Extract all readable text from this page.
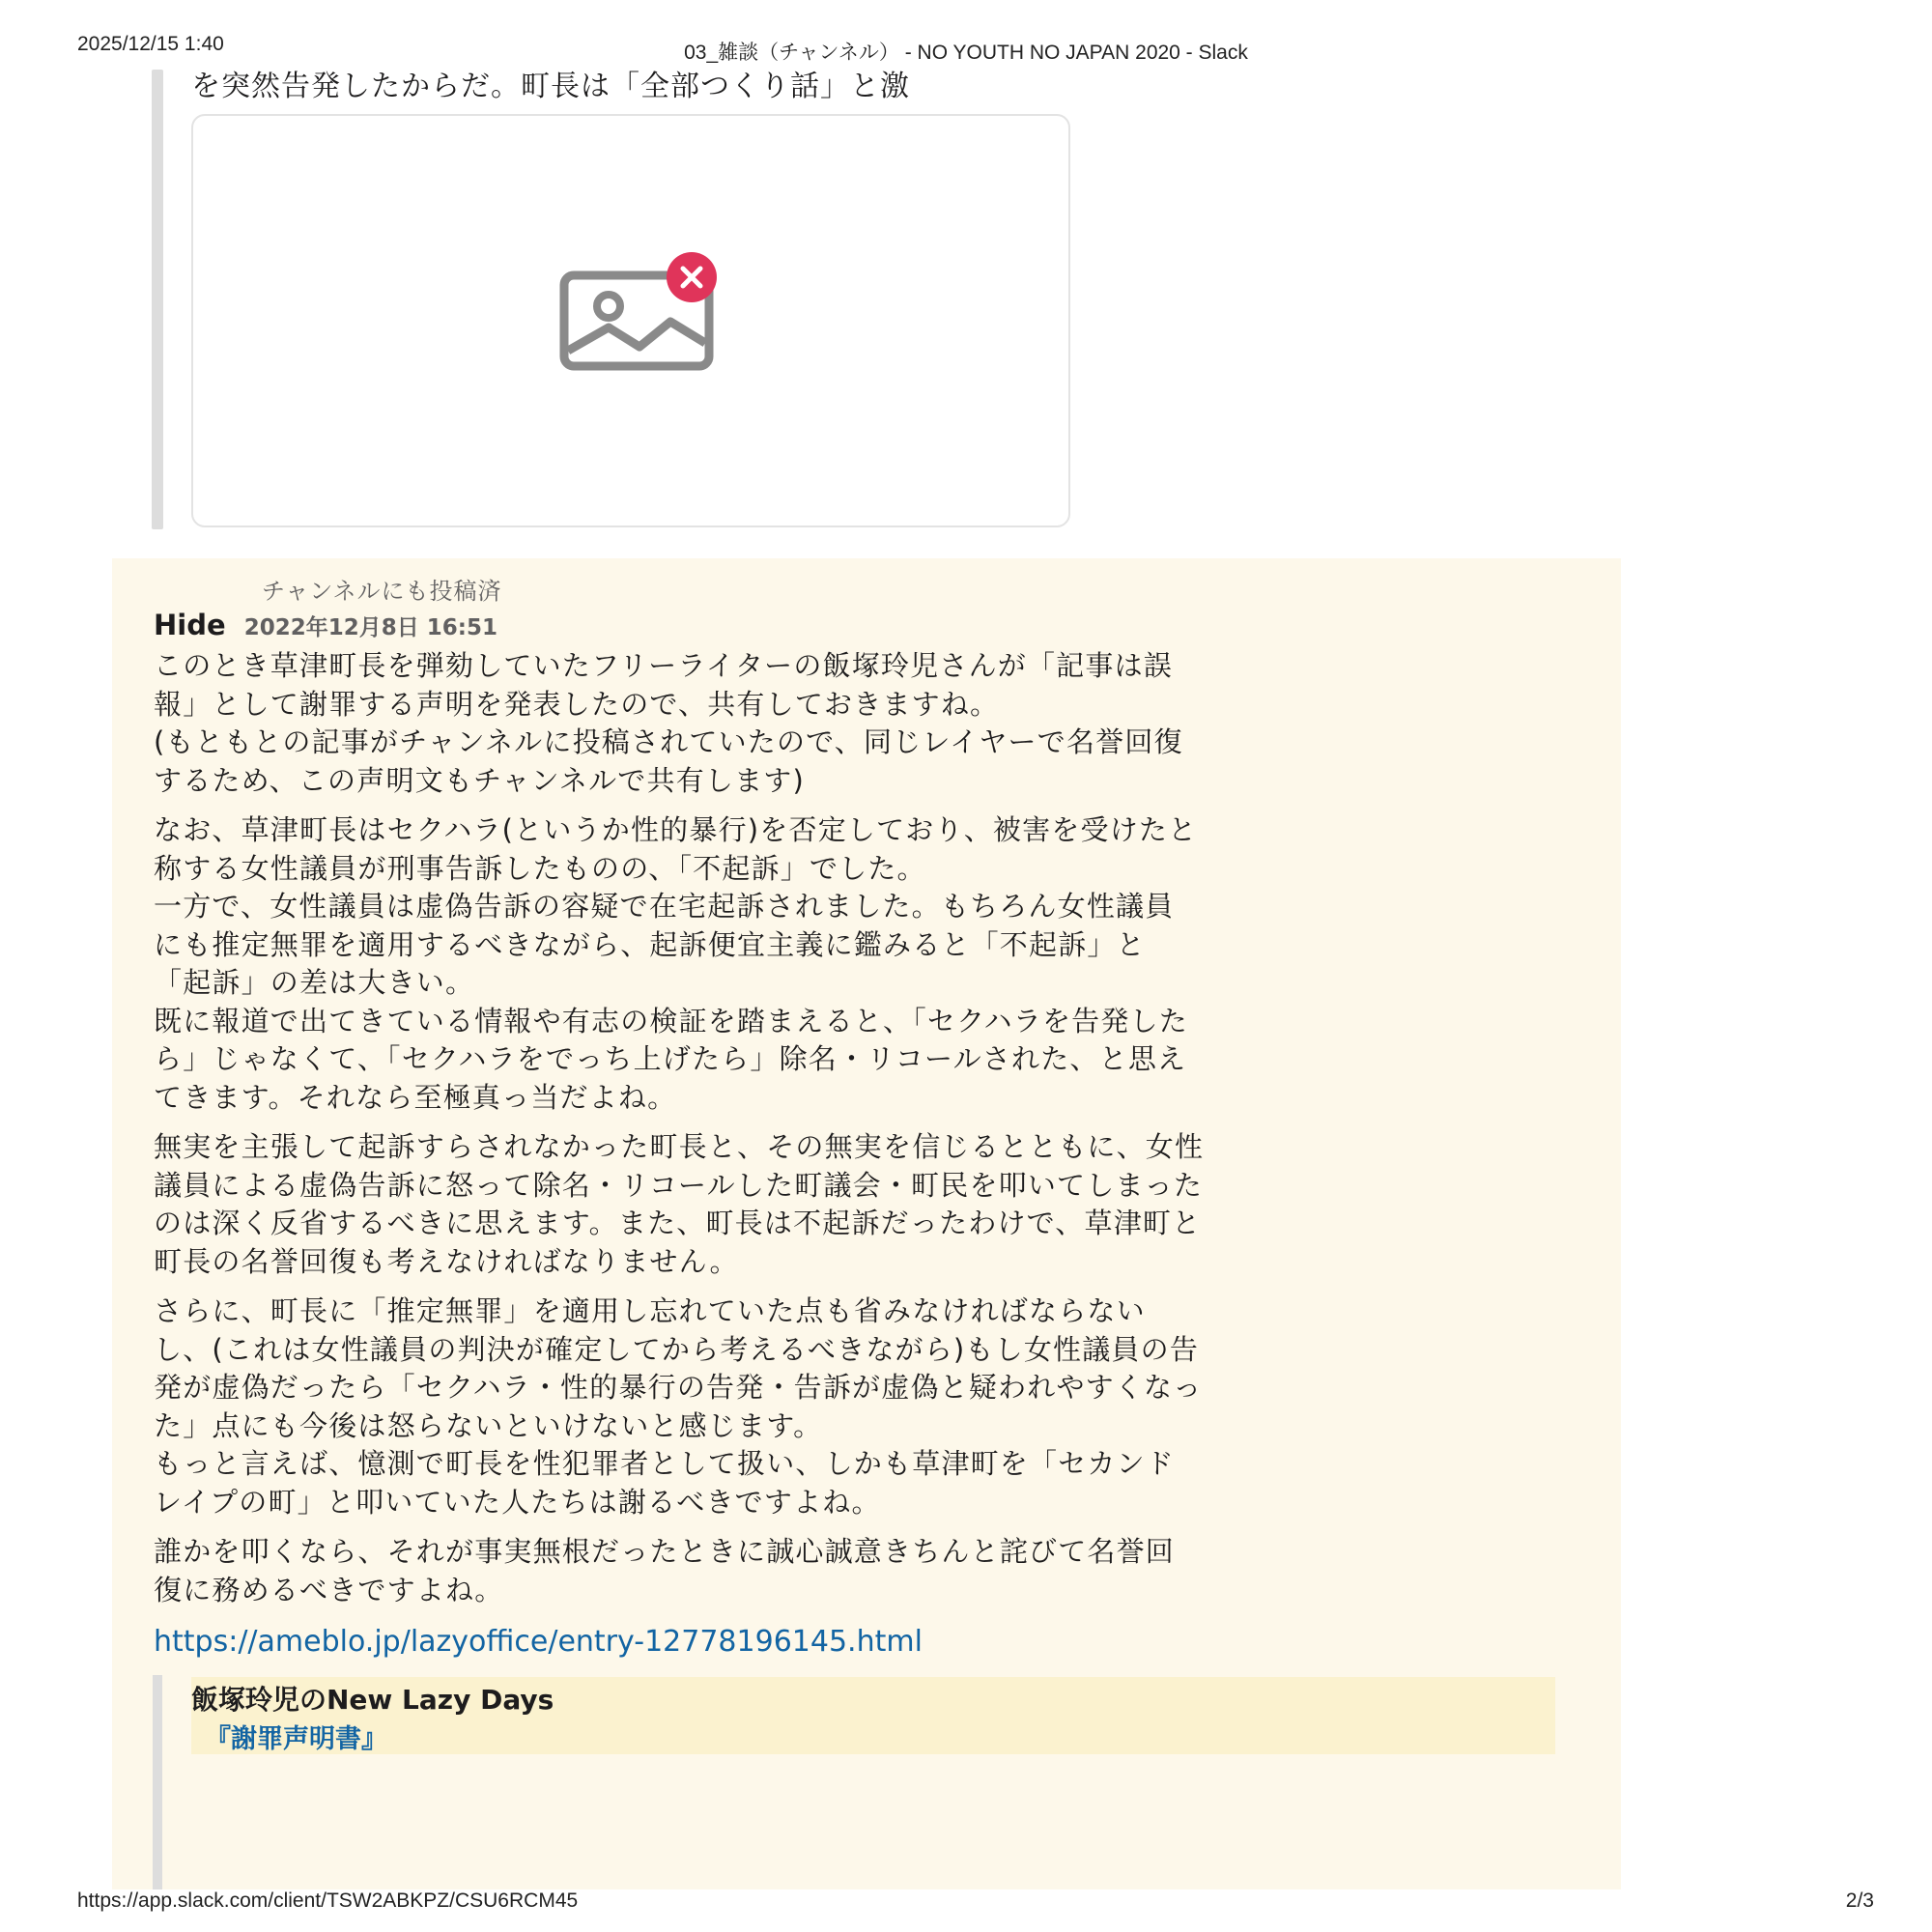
2025/12/15 1:40	03_雑談（チャンネル） - NO YOUTH NO JAPAN 2020 - Slack
を突然告発したからだ。町長は「全部つくり話」と激
チャンネルにも投稿済
Hide 2022年12月8日 16:51
このとき草津町長を弾劾していたフリーライターの飯塚玲児さんが「記事は誤
報」として謝罪する声明を発表したので、共有しておきますね。
(もともとの記事がチャンネルに投稿されていたので、同じレイヤーで名誉回復
するため、この声明文もチャンネルで共有します)
なお、草津町長はセクハラ(というか性的暴行)を否定しており、被害を受けたと
称する女性議員が刑事告訴したものの、「不起訴」でした。
一方で、女性議員は虚偽告訴の容疑で在宅起訴されました。もちろん女性議員
にも推定無罪を適用するべきながら、起訴便宜主義に鑑みると「不起訴」と
「起訴」の差は大きい。
既に報道で出てきている情報や有志の検証を踏まえると、「セクハラを告発した
ら」じゃなくて、「セクハラをでっち上げたら」除名・リコールされた、と思え
てきます。それなら至極真っ当だよね。
無実を主張して起訴すらされなかった町長と、その無実を信じるとともに、女性
議員による虚偽告訴に怒って除名・リコールした町議会・町民を叩いてしまった
のは深く反省するべきに思えます。また、町長は不起訴だったわけで、草津町と
町長の名誉回復も考えなければなりません。
さらに、町長に「推定無罪」を適用し忘れていた点も省みなければならない
し、(これは女性議員の判決が確定してから考えるべきながら)もし女性議員の告
発が虚偽だったら「セクハラ・性的暴行の告発・告訴が虚偽と疑われやすくなっ
た」点にも今後は怒らないといけないと感じます。
もっと言えば、憶測で町長を性犯罪者として扱い、しかも草津町を「セカンド
レイプの町」と叩いていた人たちは謝るべきですよね。
誰かを叩くなら、それが事実無根だったときに誠心誠意きちんと詫びて名誉回
復に務めるべきですよね。
https://ameblo.jp/lazyoffice/entry-12778196145.html
飯塚玲児のNew Lazy Days
『謝罪声明書』
https://app.slack.com/client/TSW2ABKPZ/CSU6RCM45	2/3
